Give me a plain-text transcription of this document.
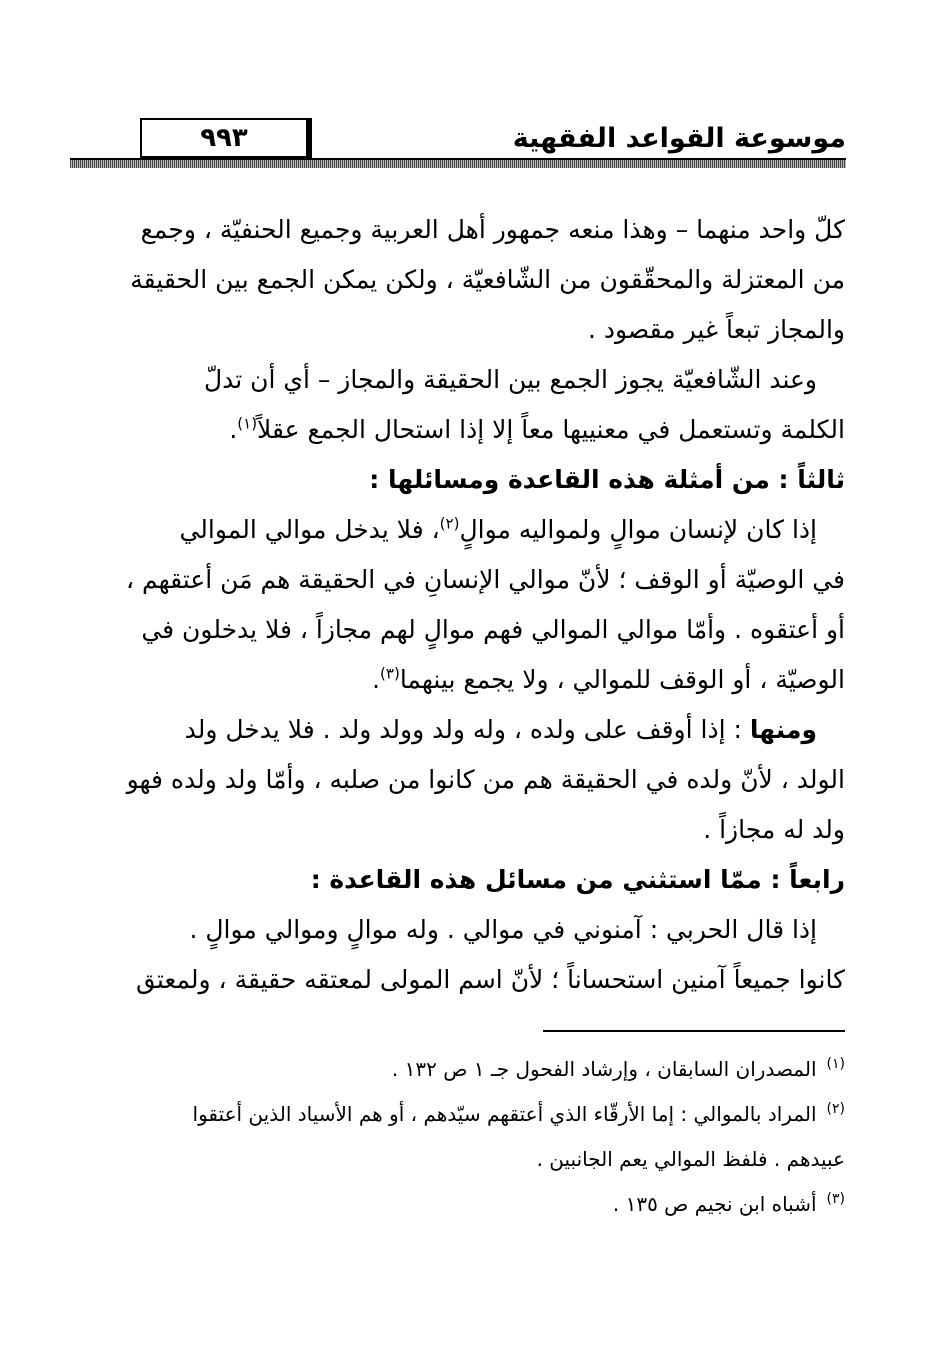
موسوعة القواعد الفقهية
٩٩٣
كلّ واحد منهما – وهذا منعه جمهور أهل العربية وجميع الحنفيّة ، وجمع
من المعتزلة والمحقّقون من الشّافعيّة ، ولكن يمكن الجمع بين الحقيقة
والمجاز تبعاً غير مقصود .
وعند الشّافعيّة يجوز الجمع بين الحقيقة والمجاز – أي أن تدلّ
الكلمة وتستعمل في معنييها معاً إلا إذا استحال الجمع عقلاً$^{(١)}$.
ثالثاً : من أمثلة هذه القاعدة ومسائلها :
إذا كان لإنسان موالٍ ولمواليه موالٍ$^{(٢)}$، فلا يدخل موالي الموالي
في الوصيّة أو الوقف ؛ لأنّ موالي الإنسانِ في الحقيقة هم مَن أعتقهم ،
أو أعتقوه . وأمّا موالي الموالي فهم موالٍ لهم مجازاً ، فلا يدخلون في
الوصيّة ، أو الوقف للموالي ، ولا يجمع بينهما$^{(٣)}$.
ومنها : إذا أوقف على ولده ، وله ولد وولد ولد . فلا يدخل ولد
الولد ، لأنّ ولده في الحقيقة هم من كانوا من صلبه ، وأمّا ولد ولده فهو
ولد له مجازاً .
رابعاً : ممّا استثني من مسائل هذه القاعدة :
إذا قال الحربي : آمنوني في موالي . وله موالٍ وموالي موالٍ .
كانوا جميعاً آمنين استحساناً ؛ لأنّ اسم المولى لمعتقه حقيقة ، ولمعتق
$^{(١)}$المصدران السابقان ، وإرشاد الفحول جـ ١ ص ١٣٢ .
$^{(٢)}$المراد بالموالي : إما الأرقّاء الذي أعتقهم سيّدهم ، أو هم الأسياد الذين أعتقوا
عبيدهم . فلفظ الموالي يعم الجانبين .
$^{(٣)}$أشباه ابن نجيم ص ١٣٥ .
